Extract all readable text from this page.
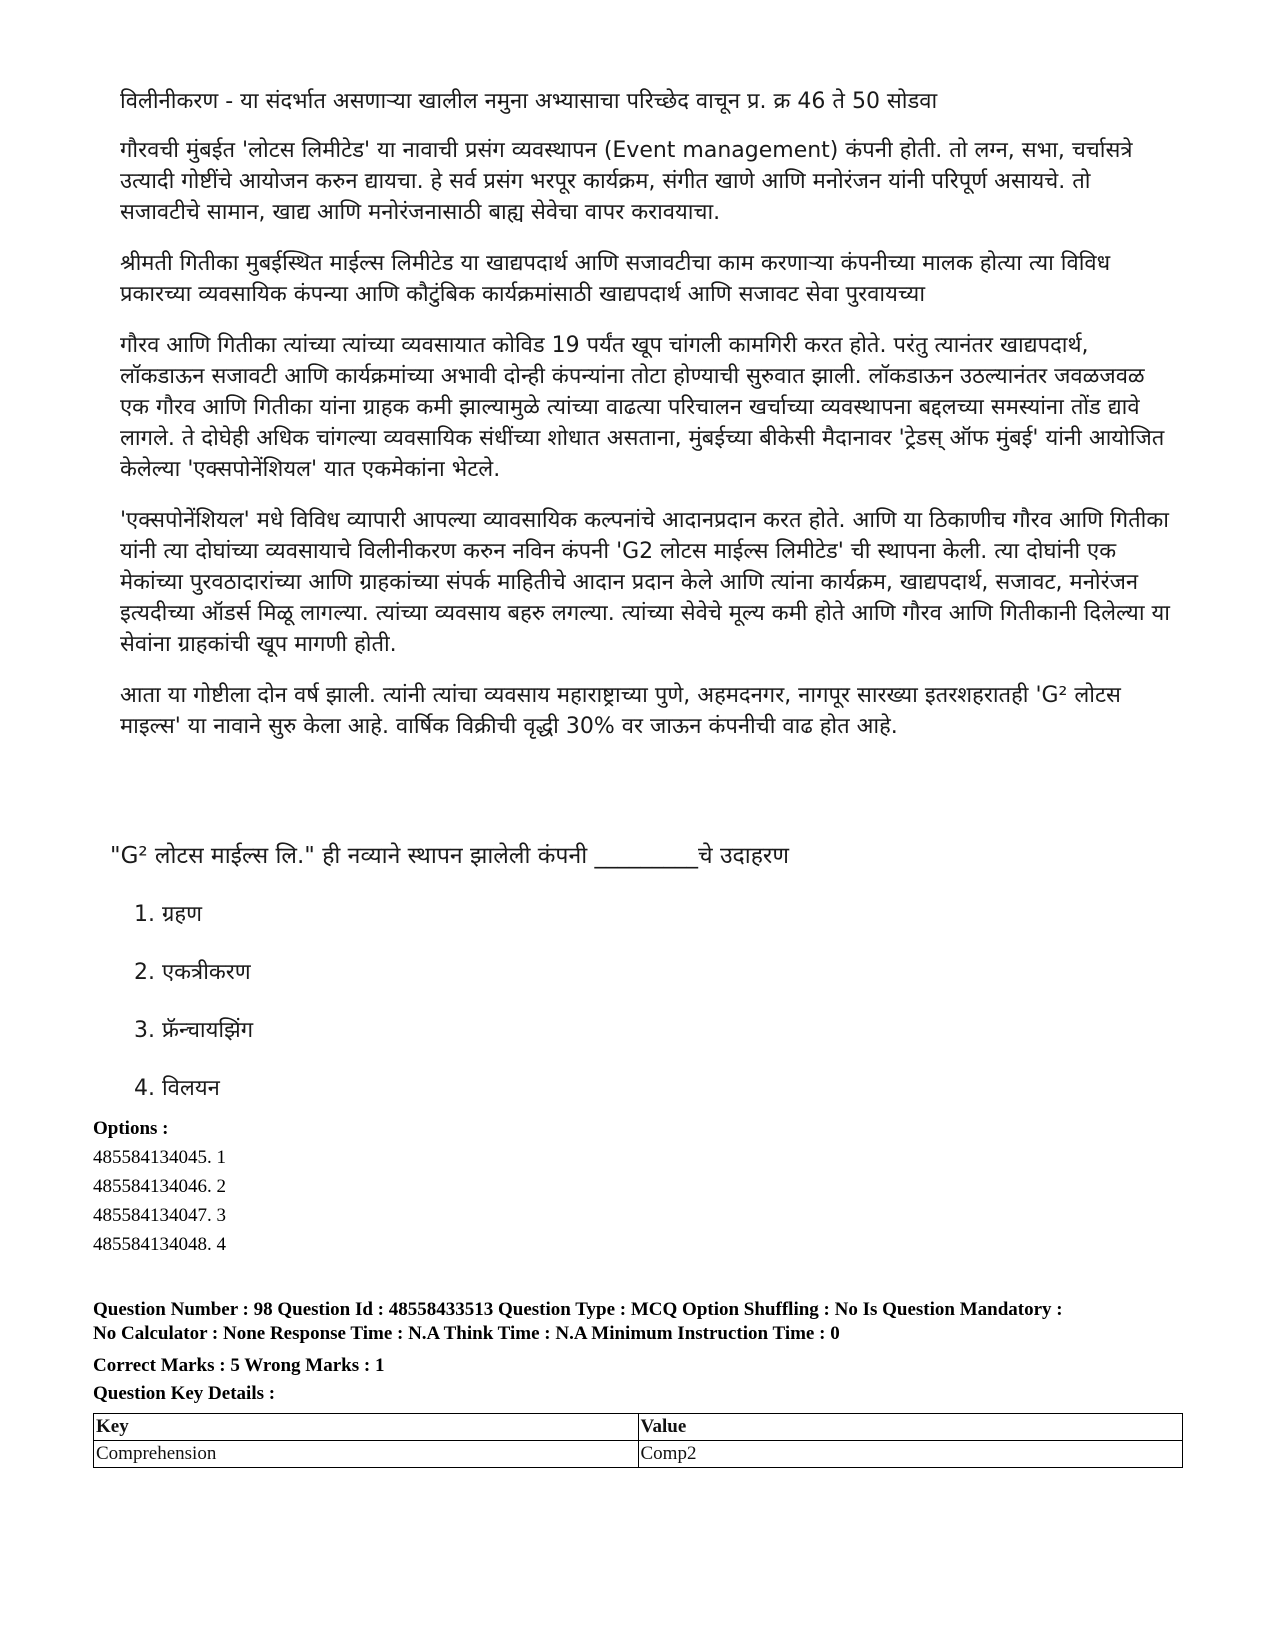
विलीनीकरण - या संदर्भात असणाऱ्या खालील नमुना अभ्यासाचा परिच्छेद वाचून प्र. क्र 46 ते 50 सोडवा

गौरवची मुंबईत 'लोटस लिमीटेड' या नावाची प्रसंग व्यवस्थापन (Event management) कंपनी होती. तो लग्न, सभा, चर्चासत्रे उत्यादी गोष्टींचे आयोजन करुन द्यायचा. हे सर्व प्रसंग भरपूर कार्यक्रम, संगीत खाणे आणि मनोरंजन यांनी परिपूर्ण असायचे. तो सजावटीचे सामान, खाद्य आणि मनोरंजनासाठी बाह्य सेवेचा वापर करावयाचा.

श्रीमती गितीका मुबईस्थित माईल्स लिमीटेड या खाद्यपदार्थ आणि सजावटीचा काम करणाऱ्या कंपनीच्या मालक होत्या त्या विविध प्रकारच्या व्यवसायिक कंपन्या आणि कौटुंबिक कार्यक्रमांसाठी खाद्यपदार्थ आणि सजावट सेवा पुरवायच्या

गौरव आणि गितीका त्यांच्या त्यांच्या व्यवसायात कोविड 19 पर्यंत खूप चांगली कामगिरी करत होते. परंतु त्यानंतर खाद्यपदार्थ, लॉकडाऊन सजावटी आणि कार्यक्रमांच्या अभावी दोन्ही कंपन्यांना तोटा होण्याची सुरुवात झाली. लॉकडाऊन उठल्यानंतर जवळजवळ एक गौरव आणि गितीका यांना ग्राहक कमी झाल्यामुळे त्यांच्या वाढत्या परिचालन खर्चाच्या व्यवस्थापना बद्दलच्या समस्यांना तोंड द्यावे लागले. ते दोघेही अधिक चांगल्या व्यवसायिक संधींच्या शोधात असताना, मुंबईच्या बीकेसी मैदानावर 'ट्रेडस् ऑफ मुंबई' यांनी आयोजित केलेल्या 'एक्सपोनेंशियल' यात एकमेकांना भेटले.

'एक्सपोनेंशियल' मधे विविध व्यापारी आपल्या व्यावसायिक कल्पनांचे आदानप्रदान करत होते. आणि या ठिकाणीच गौरव आणि गितीका यांनी त्या दोघांच्या व्यवसायाचे विलीनीकरण करुन नविन कंपनी 'G2 लोटस माईल्स लिमीटेड' ची स्थापना केली. त्या दोघांनी एक मेकांच्या पुरवठादारांच्या आणि ग्राहकांच्या संपर्क माहितीचे आदान प्रदान केले आणि त्यांना कार्यक्रम, खाद्यपदार्थ, सजावट, मनोरंजन इत्यदीच्या ऑडर्स मिळू लागल्या. त्यांच्या व्यवसाय बहरु लगल्या. त्यांच्या सेवेचे मूल्य कमी होते आणि गौरव आणि गितीकानी दिलेल्या या सेवांना ग्राहकांची खूप मागणी होती.

आता या गोष्टीला दोन वर्ष झाली. त्यांनी त्यांचा व्यवसाय महाराष्ट्राच्या पुणे, अहमदनगर, नागपूर सारख्या इतरशहरातही 'G² लोटस माइल्स' या नावाने सुरु केला आहे. वार्षिक विक्रीची वृद्धी 30% वर जाऊन कंपनीची वाढ होत आहे.

"G² लोटस माईल्स लि." ही नव्याने स्थापन झालेली कंपनी _________चे उदाहरण
1. ग्रहण
2. एकत्रीकरण
3. फ्रॅन्चायझिंग
4. विलयन
Options :
485584134045. 1
485584134046. 2
485584134047. 3
485584134048. 4
Question Number : 98 Question Id : 48558433513 Question Type : MCQ Option Shuffling : No Is Question Mandatory :
No Calculator : None Response Time : N.A Think Time : N.A Minimum Instruction Time : 0
Correct Marks : 5 Wrong Marks : 1
Question Key Details :
Key	Value
Comprehension	Comp2
